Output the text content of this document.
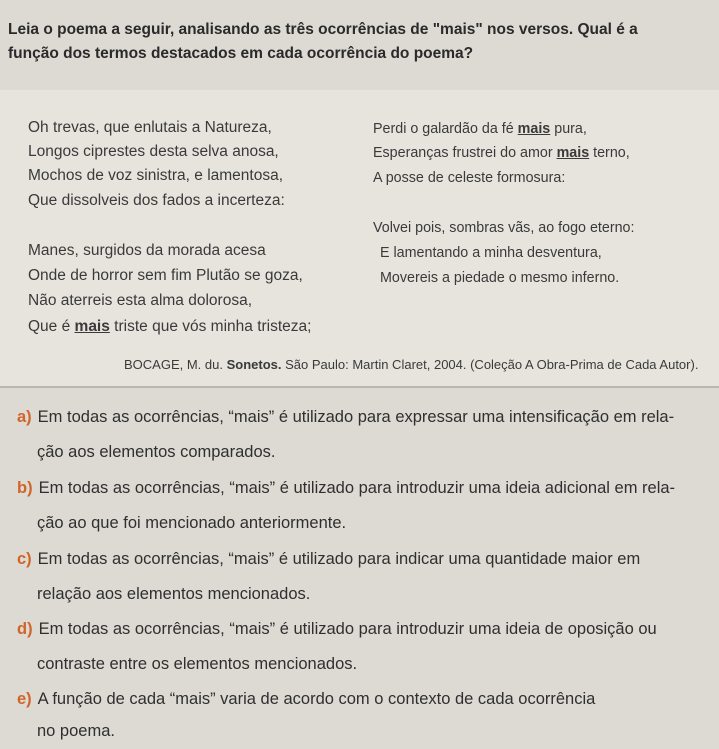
Leia o poema a seguir, analisando as três ocorrências de "mais" nos versos. Qual é a
função dos termos destacados em cada ocorrência do poema?
Oh trevas, que enlutais a Natureza,
Longos ciprestes desta selva anosa,
Mochos de voz sinistra, e lamentosa,
Que dissolveis dos fados a incerteza:
Manes, surgidos da morada acesa
Onde de horror sem fim Plutão se goza,
Não aterreis esta alma dolorosa,
Que é mais triste que vós minha tristeza;
Perdi o galardão da fé mais pura,
Esperanças frustrei do amor mais terno,
A posse de celeste formosura:
Volvei pois, sombras vãs, ao fogo eterno:
E lamentando a minha desventura,
Movereis a piedade o mesmo inferno.
BOCAGE, M. du. Sonetos. São Paulo: Martin Claret, 2004. (Coleção A Obra-Prima de Cada Autor).
a) Em todas as ocorrências, “mais” é utilizado para expressar uma intensificação em rela-
ção aos elementos comparados.
b) Em todas as ocorrências, “mais” é utilizado para introduzir uma ideia adicional em rela-
ção ao que foi mencionado anteriormente.
c) Em todas as ocorrências, “mais” é utilizado para indicar uma quantidade maior em
relação aos elementos mencionados.
d) Em todas as ocorrências, “mais” é utilizado para introduzir uma ideia de oposição ou
contraste entre os elementos mencionados.
e) A função de cada “mais” varia de acordo com o contexto de cada ocorrência
no poema.
